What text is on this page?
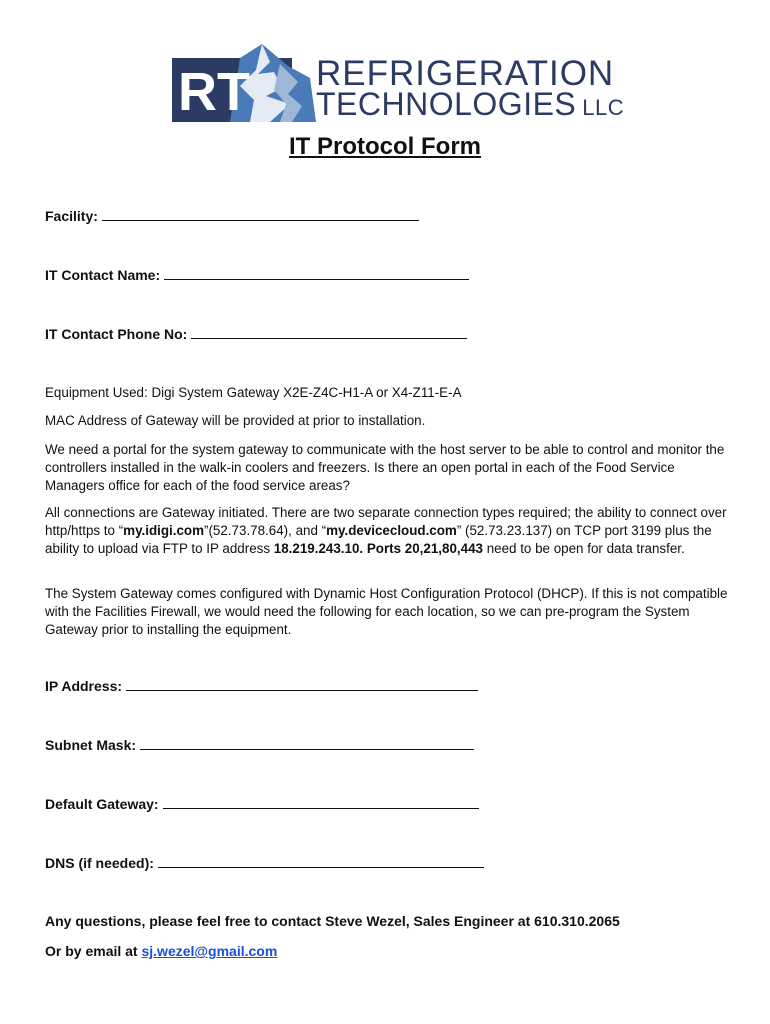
RT REFRIGERATION
TECHNOLOGIES LLC
IT Protocol Form
Facility:
IT Contact Name:
IT Contact Phone No:

Equipment Used: Digi System Gateway X2E-Z4C-H1-A or X4-Z11-E-A

MAC Address of Gateway will be provided at prior to installation.

We need a portal for the system gateway to communicate with the host server to be able to control and monitor the controllers installed in the walk-in coolers and freezers. Is there an open portal in each of the Food Service Managers office for each of the food service areas?

All connections are Gateway initiated. There are two separate connection types required; the ability to connect over http/https to “my.idigi.com”(52.73.78.64), and “my.devicecloud.com” (52.73.23.137) on TCP port 3199 plus the ability to upload via FTP to IP address 18.219.243.10. Ports 20,21,80,443 need to be open for data transfer.

The System Gateway comes configured with Dynamic Host Configuration Protocol (DHCP). If this is not compatible with the Facilities Firewall, we would need the following for each location, so we can pre-program the System Gateway prior to installing the equipment.

IP Address:
Subnet Mask:
Default Gateway:
DNS (if needed):
Any questions, please feel free to contact Steve Wezel, Sales Engineer at 610.310.2065
Or by email at sj.wezel@gmail.com
